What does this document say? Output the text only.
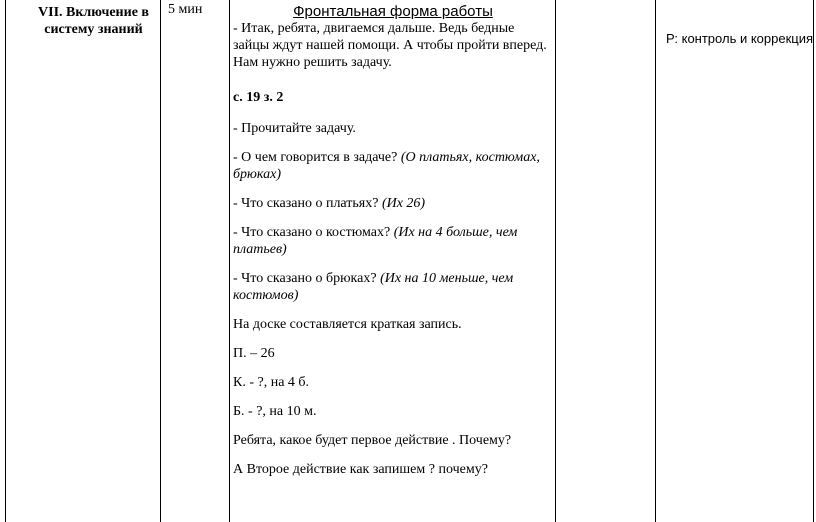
VII. Включение в систему знаний
5 мин	Фронтальная форма работы

- Итак, ребята, двигаемся дальше. Ведь бедные зайцы ждут нашей помощи. А чтобы пройти вперед. Нам нужно решить задачу.

с. 19 з. 2

- Прочитайте задачу.

- О чем говорится в задаче? (О платьях, костюмах, брюках)

- Что сказано о платьях? (Их 26)

- Что сказано о костюмах? (Их на 4 больше, чем платьев)

- Что сказано о брюках? (Их на 10 меньше, чем костюмов)

На доске составляется краткая запись.

П. – 26

К. - ?, на 4 б.

Б. - ?, на 10 м.

Ребята, какое будет первое действие . Почему?

А Второе действие как запишем ? почему?

Р: контроль и коррекция
